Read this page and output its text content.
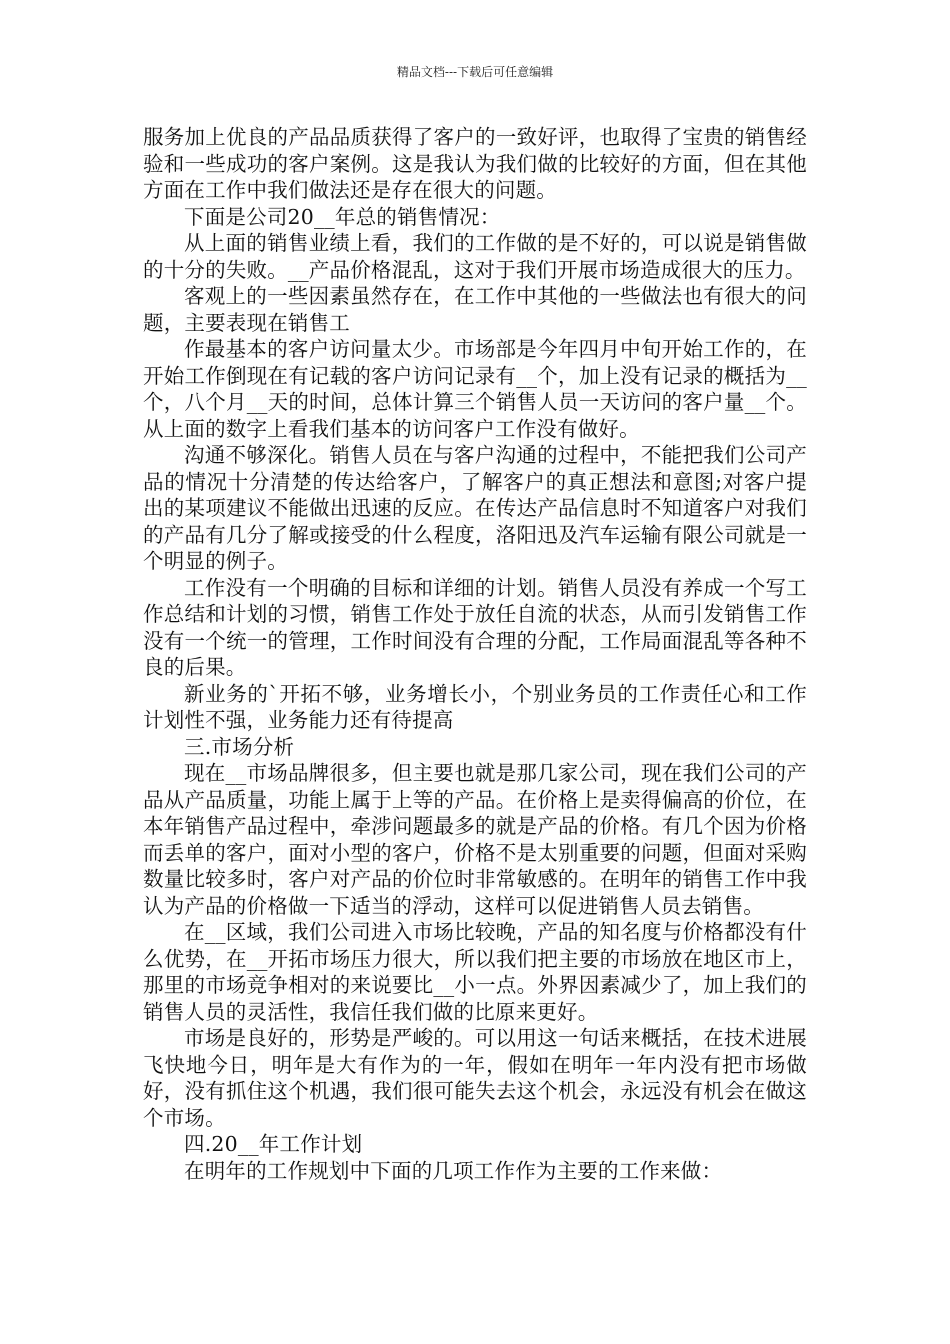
精品文档---下载后可任意编辑

服务加上优良的产品品质获得了客户的一致好评，也取得了宝贵的销售经验和一些成功的客户案例。这是我认为我们做的比较好的方面，但在其他方面在工作中我们做法还是存在很大的问题。

下面是公司20__年总的销售情况：

从上面的销售业绩上看，我们的工作做的是不好的，可以说是销售做的十分的失败。__产品价格混乱，这对于我们开展市场造成很大的压力。

客观上的一些因素虽然存在，在工作中其他的一些做法也有很大的问题，主要表现在销售工

作最基本的客户访问量太少。市场部是今年四月中旬开始工作的，在开始工作倒现在有记载的客户访问记录有__个，加上没有记录的概括为__个，八个月__天的时间，总体计算三个销售人员一天访问的客户量__个。从上面的数字上看我们基本的访问客户工作没有做好。

沟通不够深化。销售人员在与客户沟通的过程中，不能把我们公司产品的情况十分清楚的传达给客户，了解客户的真正想法和意图;对客户提出的某项建议不能做出迅速的反应。在传达产品信息时不知道客户对我们的产品有几分了解或接受的什么程度，洛阳迅及汽车运输有限公司就是一个明显的例子。

工作没有一个明确的目标和详细的计划。销售人员没有养成一个写工作总结和计划的习惯，销售工作处于放任自流的状态，从而引发销售工作没有一个统一的管理，工作时间没有合理的分配，工作局面混乱等各种不良的后果。

新业务的`开拓不够，业务增长小，个别业务员的工作责任心和工作计划性不强，业务能力还有待提高

三.市场分析

现在__市场品牌很多，但主要也就是那几家公司，现在我们公司的产品从产品质量，功能上属于上等的产品。在价格上是卖得偏高的价位，在本年销售产品过程中，牵涉问题最多的就是产品的价格。有几个因为价格而丢单的客户，面对小型的客户，价格不是太别重要的问题，但面对采购数量比较多时，客户对产品的价位时非常敏感的。在明年的销售工作中我认为产品的价格做一下适当的浮动，这样可以促进销售人员去销售。

在__区域，我们公司进入市场比较晚，产品的知名度与价格都没有什么优势，在__开拓市场压力很大，所以我们把主要的市场放在地区市上，那里的市场竞争相对的来说要比__小一点。外界因素减少了，加上我们的销售人员的灵活性，我信任我们做的比原来更好。

市场是良好的，形势是严峻的。可以用这一句话来概括，在技术进展飞快地今日，明年是大有作为的一年，假如在明年一年内没有把市场做好，没有抓住这个机遇，我们很可能失去这个机会，永远没有机会在做这个市场。

四.20__年工作计划

在明年的工作规划中下面的几项工作作为主要的工作来做：
